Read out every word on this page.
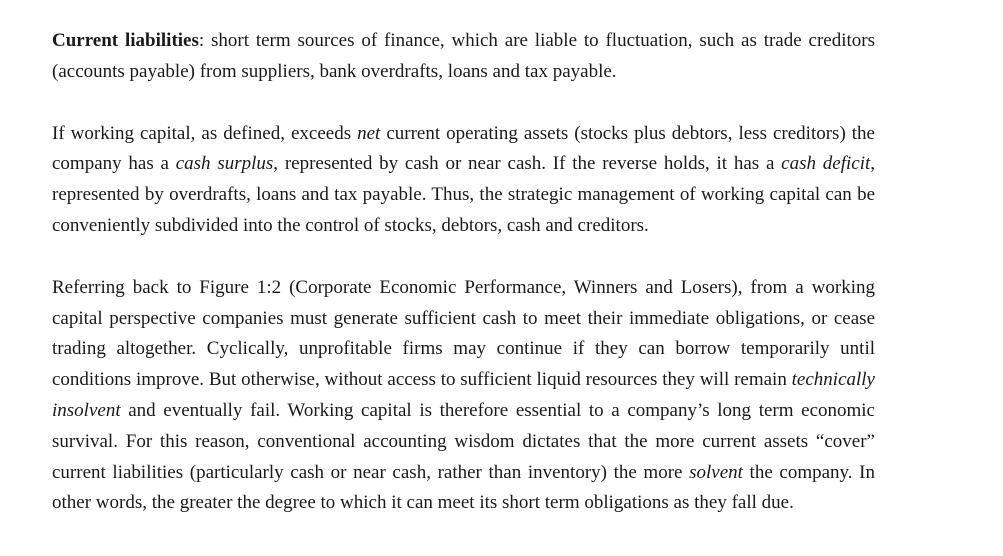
Current liabilities: short term sources of finance, which are liable to fluctuation, such as trade creditors (accounts payable) from suppliers, bank overdrafts, loans and tax payable.

If working capital, as defined, exceeds net current operating assets (stocks plus debtors, less creditors) the company has a cash surplus, represented by cash or near cash. If the reverse holds, it has a cash deficit, represented by overdrafts, loans and tax payable. Thus, the strategic management of working capital can be conveniently subdivided into the control of stocks, debtors, cash and creditors.

Referring back to Figure 1:2 (Corporate Economic Performance, Winners and Losers), from a working capital perspective companies must generate sufficient cash to meet their immediate obligations, or cease trading altogether. Cyclically, unprofitable firms may continue if they can borrow temporarily until conditions improve. But otherwise, without access to sufficient liquid resources they will remain technically insolvent and eventually fail. Working capital is therefore essential to a company’s long term economic survival. For this reason, conventional accounting wisdom dictates that the more current assets “cover” current liabilities (particularly cash or near cash, rather than inventory) the more solvent the company. In other words, the greater the degree to which it can meet its short term obligations as they fall due.
